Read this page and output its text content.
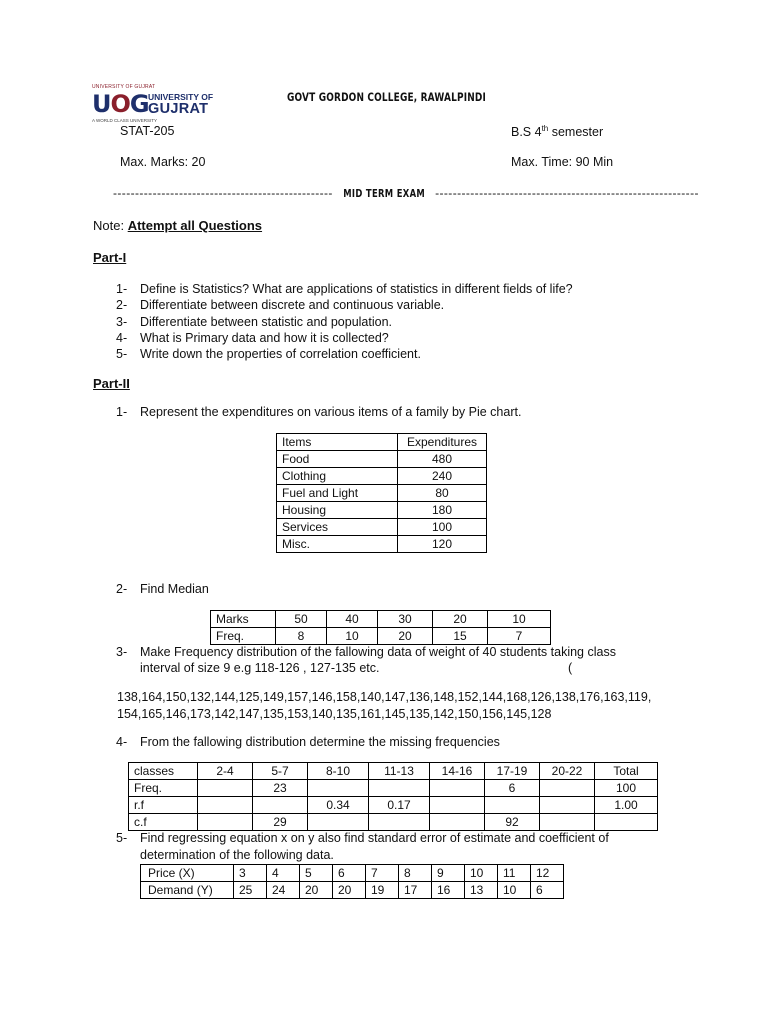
UNIVERSITY OF GUJRAT
UOG UNIVERSITY OF
GUJRAT
A WORLD CLASS UNIVERSITY
GOVT GORDON COLLEGE, RAWALPINDI
STAT-205	B.S 4th semester
Max. Marks: 20	Max. Time: 90 Min
-------------------------------------------------- MID TERM EXAM ------------------------------------------------------------
Note: Attempt all Questions
Part-I
1- Define is Statistics? What are applications of statistics in different fields of life?
2- Differentiate between discrete and continuous variable.
3- Differentiate between statistic and population.
4- What is Primary data and how it is collected?
5- Write down the properties of correlation coefficient.
Part-II
1- Represent the expenditures on various items of a family by Pie chart.
Items	Expenditures
Food	480
Clothing	240
Fuel and Light	80
Housing	180
Services	100
Misc.	120
2- Find Median
Marks	50	40	30	20	10
Freq.	8	10	20	15	7
3- Make Frequency distribution of the fallowing data of weight of 40 students taking class
interval of size 9 e.g 118-126 , 127-135 etc.	(
138,164,150,132,144,125,149,157,146,158,140,147,136,148,152,144,168,126,138,176,163,119,
154,165,146,173,142,147,135,153,140,135,161,145,135,142,150,156,145,128
4- From the fallowing distribution determine the missing frequencies
classes	2-4	5-7	8-10	11-13	14-16	17-19	20-22	Total
Freq.		23				6		100
r.f			0.34	0.17				1.00
c.f		29				92		
5- Find regressing equation x on y also find standard error of estimate and coefficient of
determination of the following data.
Price (X)	3	4	5	6	7	8	9	10	11	12
Demand (Y)	25	24	20	20	19	17	16	13	10	6
